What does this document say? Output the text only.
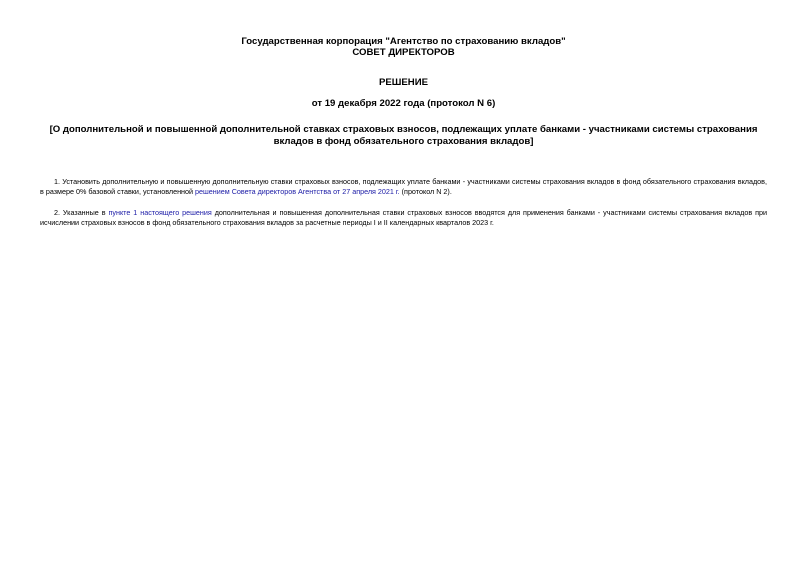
Государственная корпорация "Агентство по страхованию вкладов"

СОВЕТ ДИРЕКТОРОВ

РЕШЕНИЕ

от 19 декабря 2022 года (протокол N 6)

[О дополнительной и повышенной дополнительной ставках страховых взносов, подлежащих уплате банками - участниками системы страхования вкладов в фонд обязательного страхования вкладов]

1. Установить дополнительную и повышенную дополнительную ставки страховых взносов, подлежащих уплате банками - участниками системы страхования вкладов в фонд обязательного страхования вкладов, в размере 0% базовой ставки, установленной решением Совета директоров Агентства от 27 апреля 2021 г. (протокол N 2).

2. Указанные в пункте 1 настоящего решения дополнительная и повышенная дополнительная ставки страховых взносов вводятся для применения банками - участниками системы страхования вкладов при исчислении страховых взносов в фонд обязательного страхования вкладов за расчетные периоды I и II календарных кварталов 2023 г.
